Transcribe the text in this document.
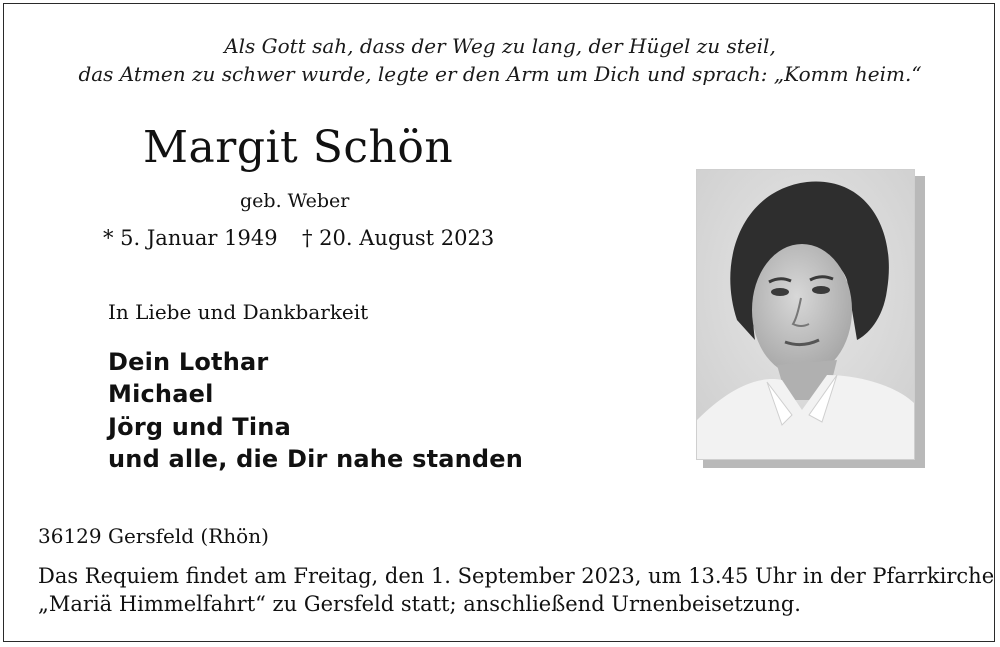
Als Gott sah, dass der Weg zu lang, der Hügel zu steil,
das Atmen zu schwer wurde, legte er den Arm um Dich und sprach: „Komm heim.“
Margit Schön
geb. Weber
* 5. Januar 1949 † 20. August 2023
In Liebe und Dankbarkeit
Dein Lothar
Michael
Jörg und Tina
und alle, die Dir nahe standen
36129 Gersfeld (Rhön)
Das Requiem findet am Freitag, den 1. September 2023, um 13.45 Uhr in der Pfarrkirche
„Mariä Himmelfahrt“ zu Gersfeld statt; anschließend Urnenbeisetzung.
